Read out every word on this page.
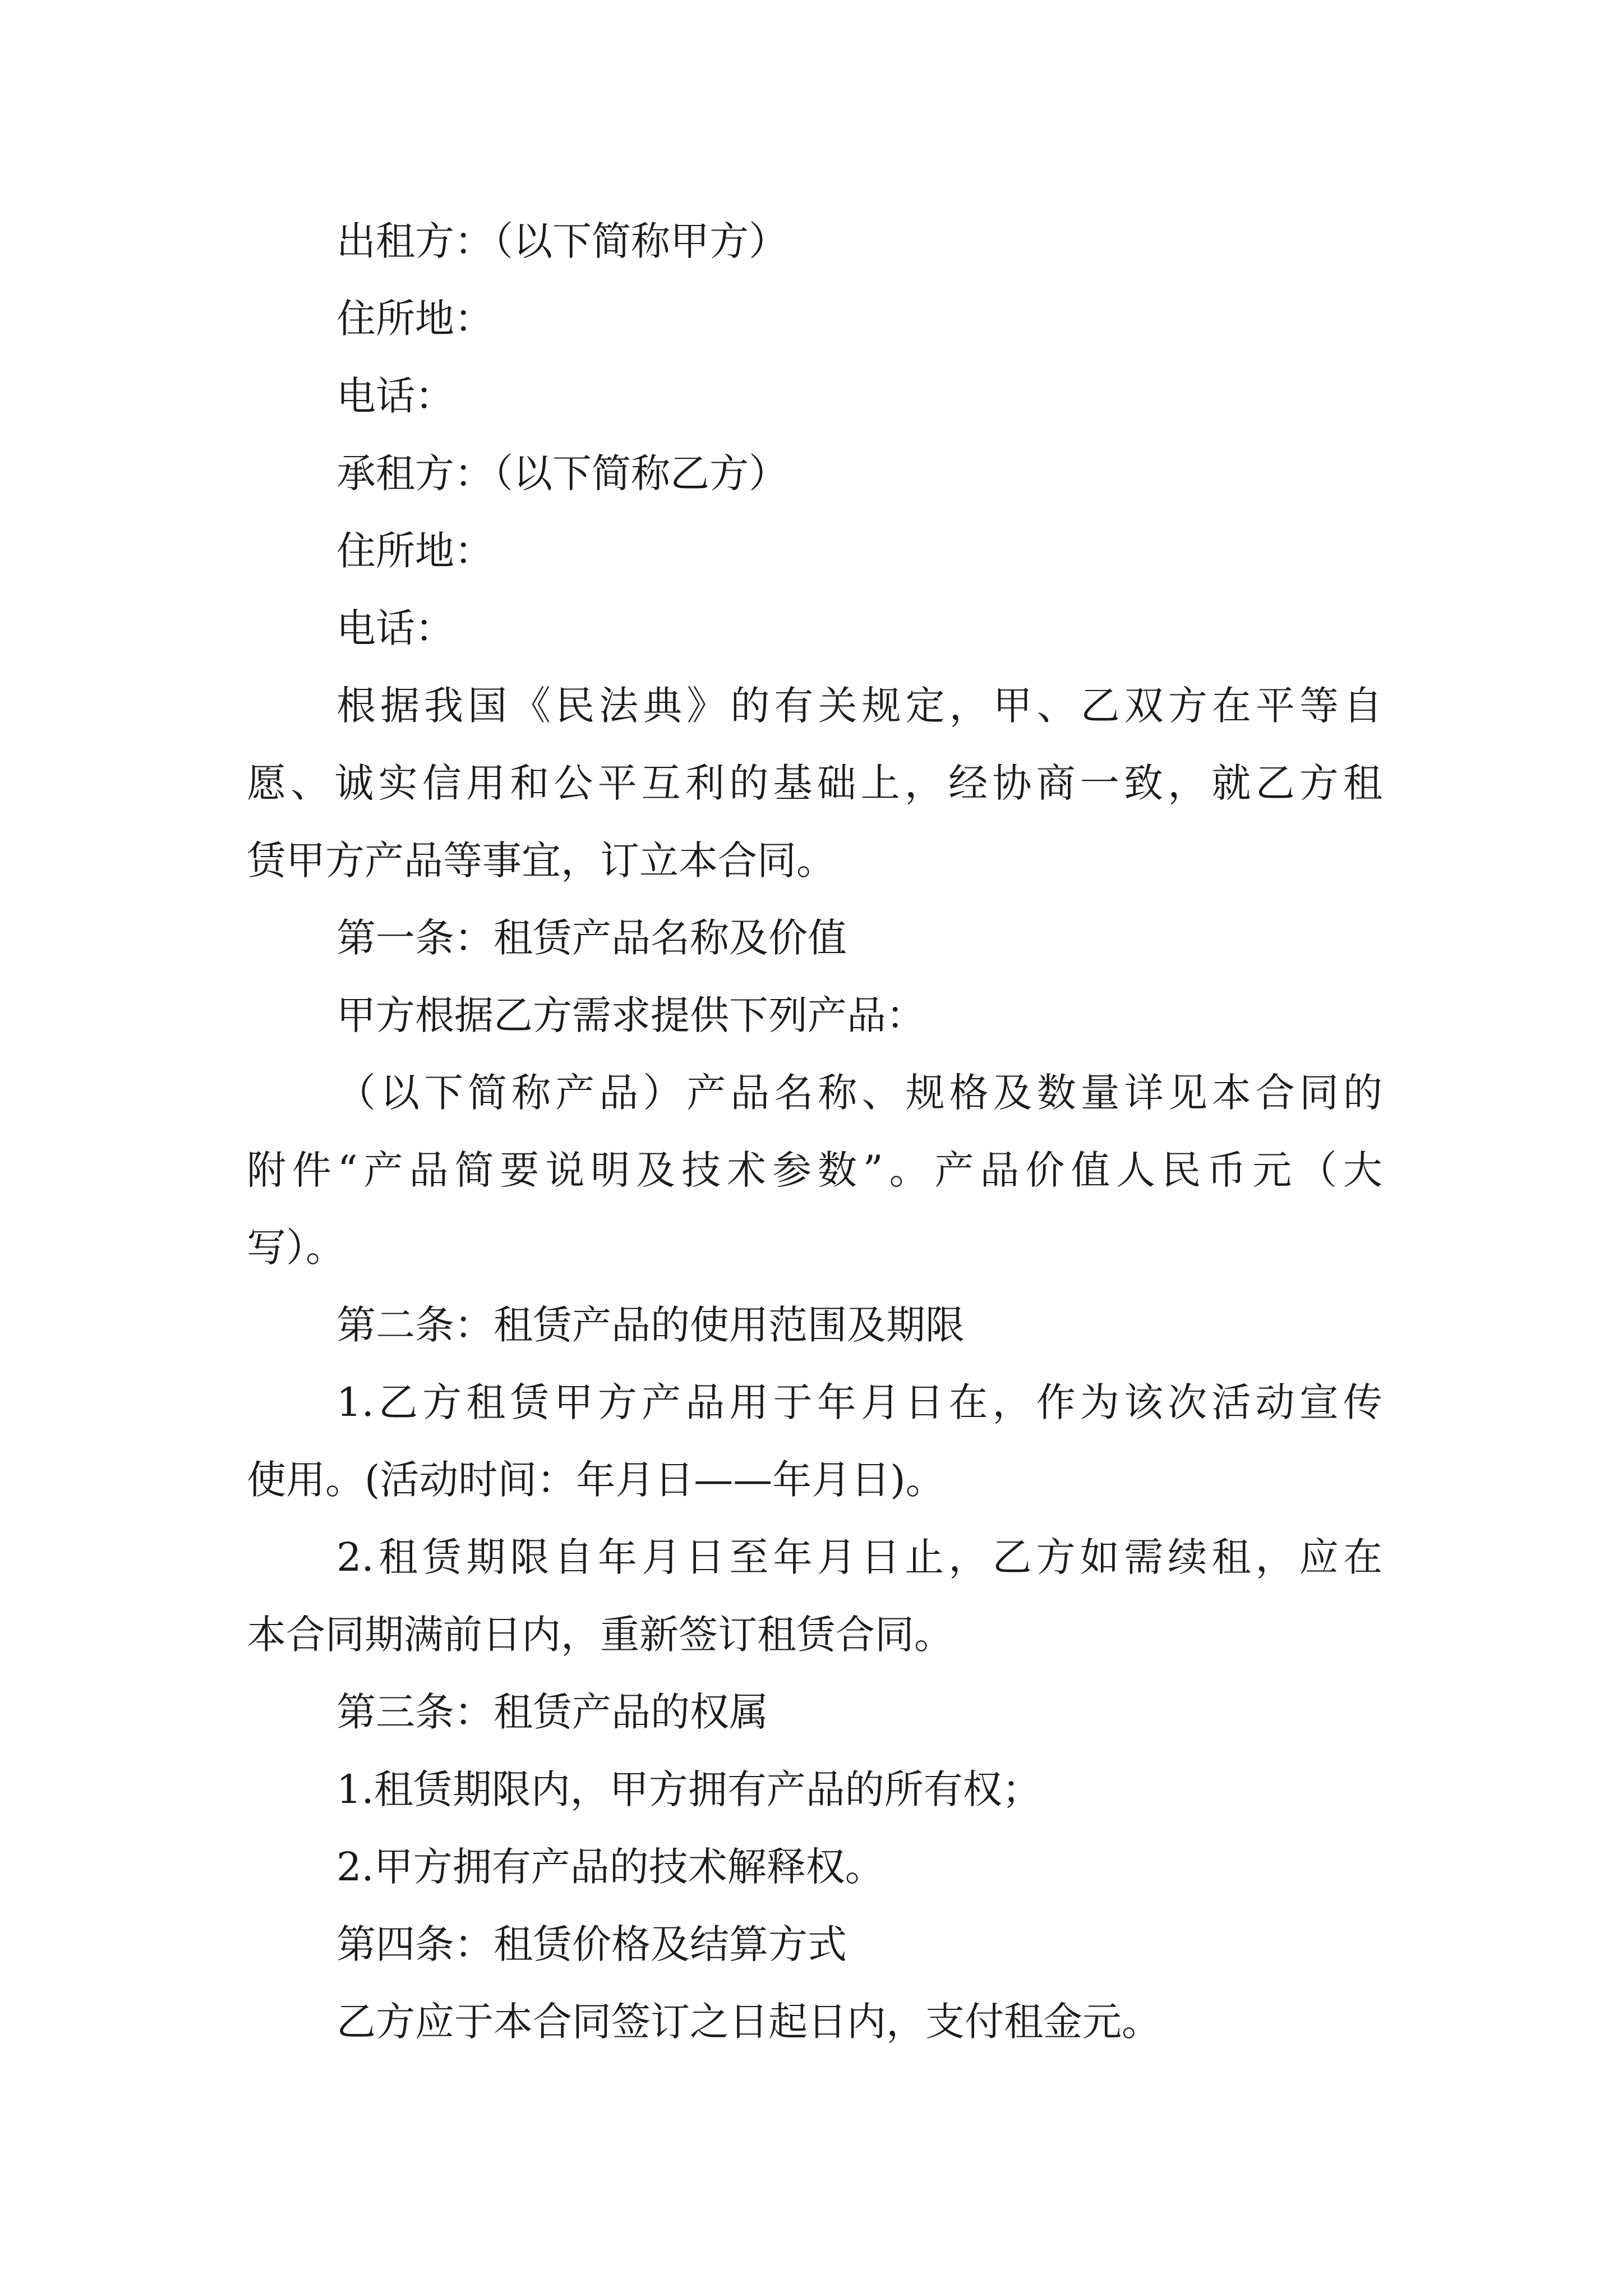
出租方：（以下简称甲方）
住所地：
电话：
承租方：（以下简称乙方）
住所地：
电话：
根据我国《民法典》的有关规定，甲、乙双方在平等自
愿、诚实信用和公平互利的基础上，经协商一致，就乙方租
赁甲方产品等事宜，订立本合同。
第一条：租赁产品名称及价值
甲方根据乙方需求提供下列产品：
（以下简称产品）产品名称、规格及数量详见本合同的
附件“产品简要说明及技术参数”。产品价值人民币元（大
写）。
第二条：租赁产品的使用范围及期限
1.乙方租赁甲方产品用于年月日在，作为该次活动宣传
使用。(活动时间：年月日——年月日)。
2.租赁期限自年月日至年月日止，乙方如需续租，应在
本合同期满前日内，重新签订租赁合同。
第三条：租赁产品的权属
1.租赁期限内，甲方拥有产品的所有权；
2.甲方拥有产品的技术解释权。
第四条：租赁价格及结算方式
乙方应于本合同签订之日起日内，支付租金元。
